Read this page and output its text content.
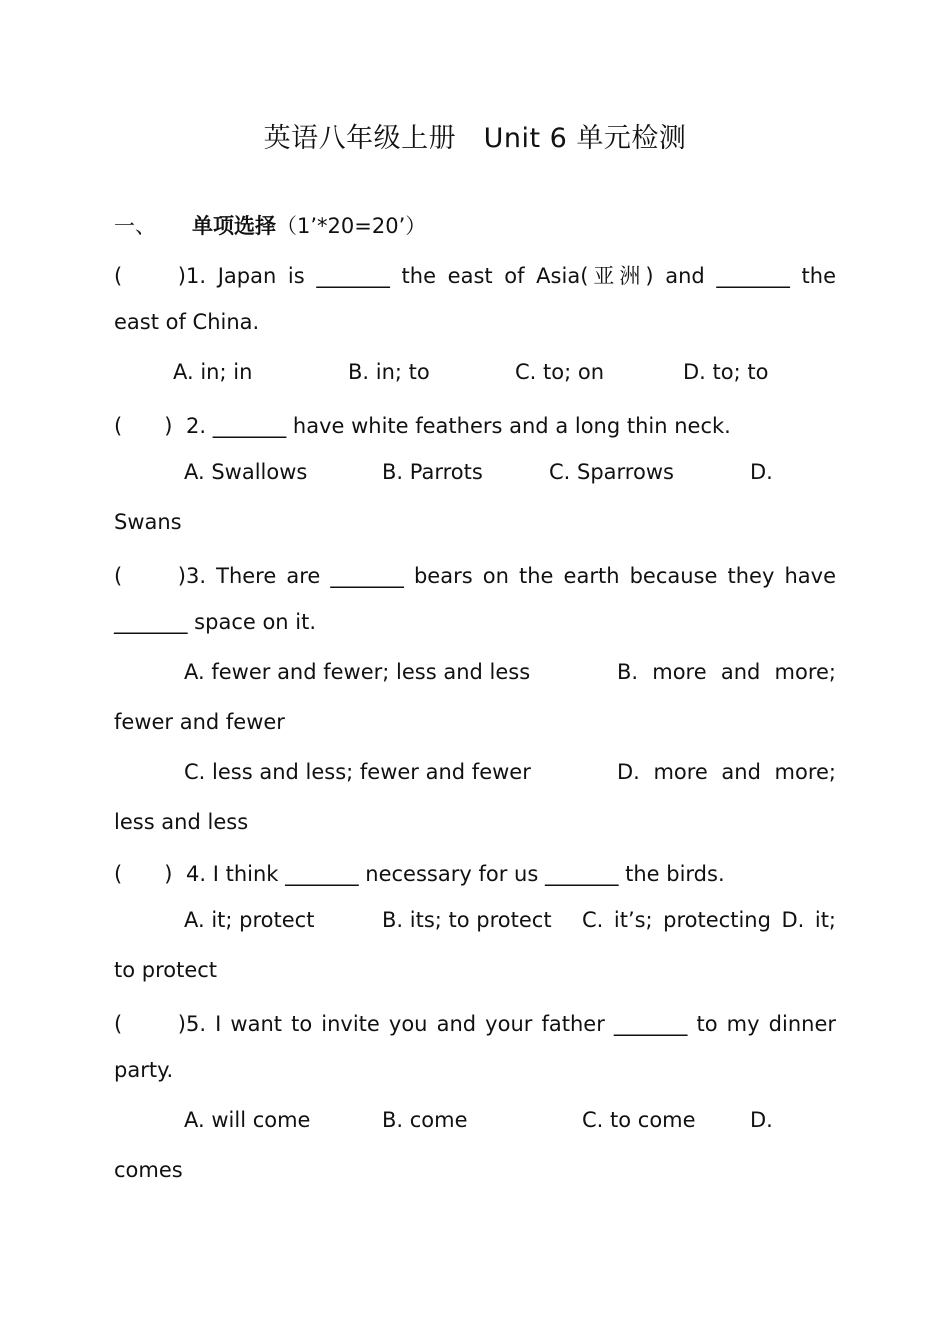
英语八年级上册　Unit 6 单元检测
一、 单项选择（1’*20=20’）
(　　)1. Japan is _______ the east of Asia(亚洲) and _______ the
east of China.
A. in; in	B. in; to	C. to; on	D. to; to
(　　) 2. _______ have white feathers and a long thin neck.
A. Swallows	B. Parrots	C. Sparrows	D.
Swans
(　　)3. There are _______ bears on the earth because they have
_______ space on it.
A. fewer and fewer; less and less	B. more and more;
fewer and fewer
C. less and less; fewer and fewer	D. more and more;
less and less
(　　) 4. I think _______ necessary for us _______ the birds.
A. it; protect	B. its; to protect C. it’s; protecting D. it;
to protect
(　　)5. I want to invite you and your father _______ to my dinner
party.
A. will come	B. come	C. to come	D.
comes
